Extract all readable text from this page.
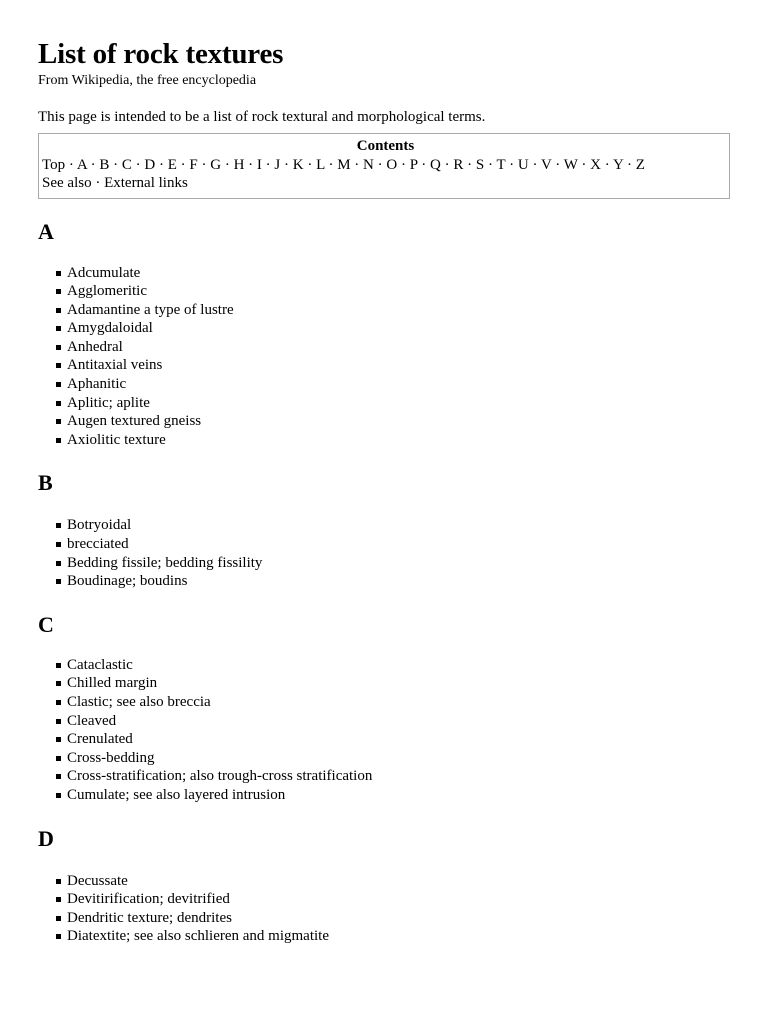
List of rock textures

From Wikipedia, the free encyclopedia

This page is intended to be a list of rock textural and morphological terms.

Contents
Top · A · B · C · D · E · F · G · H · I · J · K · L · M · N · O · P · Q · R · S · T · U · V · W · X · Y · Z
See also · External links
A
Adcumulate
Agglomeritic
Adamantine a type of lustre
Amygdaloidal
Anhedral
Antitaxial veins
Aphanitic
Aplitic; aplite
Augen textured gneiss
Axiolitic texture
B
Botryoidal
brecciated
Bedding fissile; bedding fissility
Boudinage; boudins
C
Cataclastic
Chilled margin
Clastic; see also breccia
Cleaved
Crenulated
Cross-bedding
Cross-stratification; also trough-cross stratification
Cumulate; see also layered intrusion
D
Decussate
Devitirification; devitrified
Dendritic texture; dendrites
Diatextite; see also schlieren and migmatite
